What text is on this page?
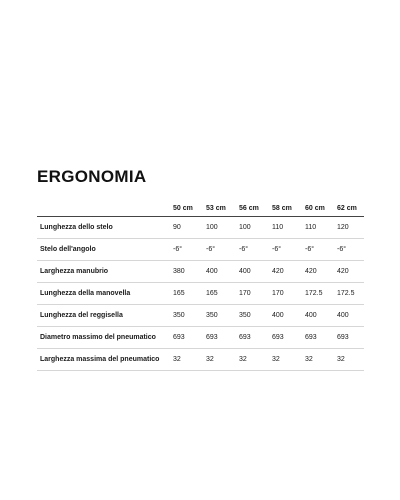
ERGONOMIA
50 cm 53 cm 56 cm 58 cm 60 cm 62 cm
Lunghezza dello stelo	90	100	100	110	110	120
Stelo dell'angolo	-6°	-6°	-6°	-6°	-6°	-6°
Larghezza manubrio	380	400	400	420	420	420
Lunghezza della manovella	165	165	170	170	172.5 172.5
Lunghezza del reggisella	350	350	350	400	400	400
Diametro massimo del pneumatico 693	693	693	693	693	693
Larghezza massima del pneumatico 32	32	32	32	32	32
